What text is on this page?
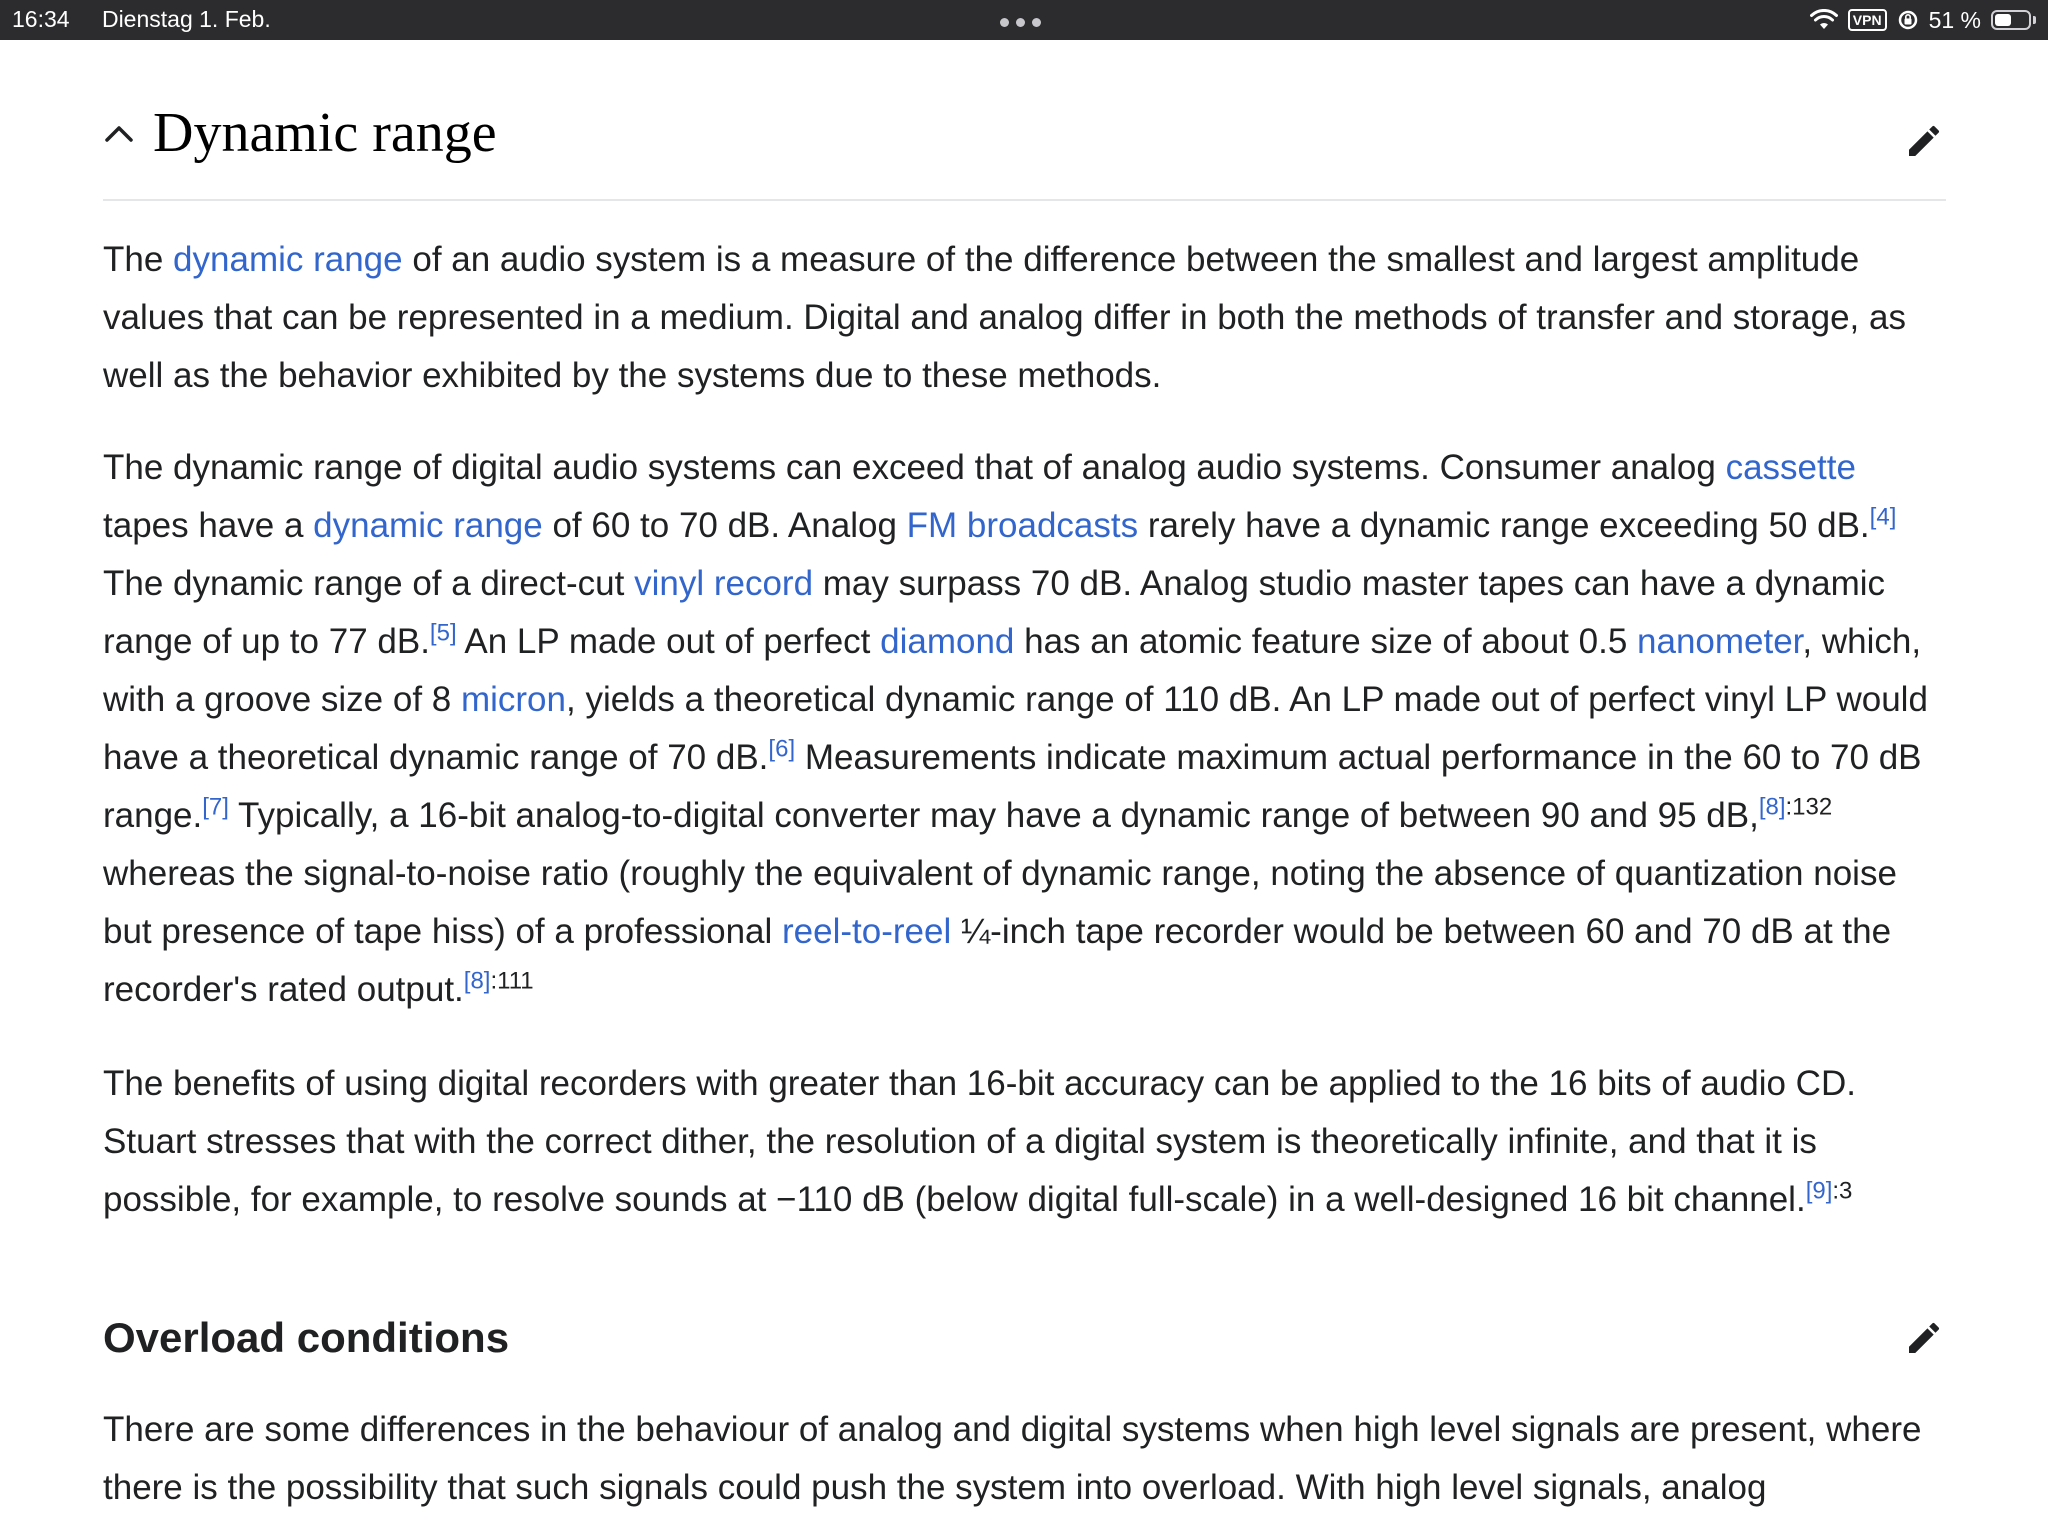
16:34 Dienstag 1. Feb.	VPN 51 %
Dynamic range

The dynamic range of an audio system is a measure of the difference between the smallest and largest amplitude values that can be represented in a medium. Digital and analog differ in both the methods of transfer and storage, as well as the behavior exhibited by the systems due to these methods.

The dynamic range of digital audio systems can exceed that of analog audio systems. Consumer analog cassette tapes have a dynamic range of 60 to 70 dB. Analog FM broadcasts rarely have a dynamic range exceeding 50 dB.[4] The dynamic range of a direct-cut vinyl record may surpass 70 dB. Analog studio master tapes can have a dynamic range of up to 77 dB.[5] An LP made out of perfect diamond has an atomic feature size of about 0.5 nanometer, which, with a groove size of 8 micron, yields a theoretical dynamic range of 110 dB. An LP made out of perfect vinyl LP would have a theoretical dynamic range of 70 dB.[6] Measurements indicate maximum actual performance in the 60 to 70 dB range.[7] Typically, a 16-bit analog-to-digital converter may have a dynamic range of between 90 and 95 dB,$^{[8]:132}$ whereas the signal-to-noise ratio (roughly the equivalent of dynamic range, noting the absence of quantization noise but presence of tape hiss) of a professional reel-to-reel ¼-inch tape recorder would be between 60 and 70 dB at the recorder's rated output.$^{[8]:111}$

The benefits of using digital recorders with greater than 16-bit accuracy can be applied to the 16 bits of audio CD. Stuart stresses that with the correct dither, the resolution of a digital system is theoretically infinite, and that it is possible, for example, to resolve sounds at −110 dB (below digital full-scale) in a well-designed 16 bit channel.$^{[9]:3}$

Overload conditions

There are some differences in the behaviour of analog and digital systems when high level signals are present, where there is the possibility that such signals could push the system into overload. With high level signals, analog
